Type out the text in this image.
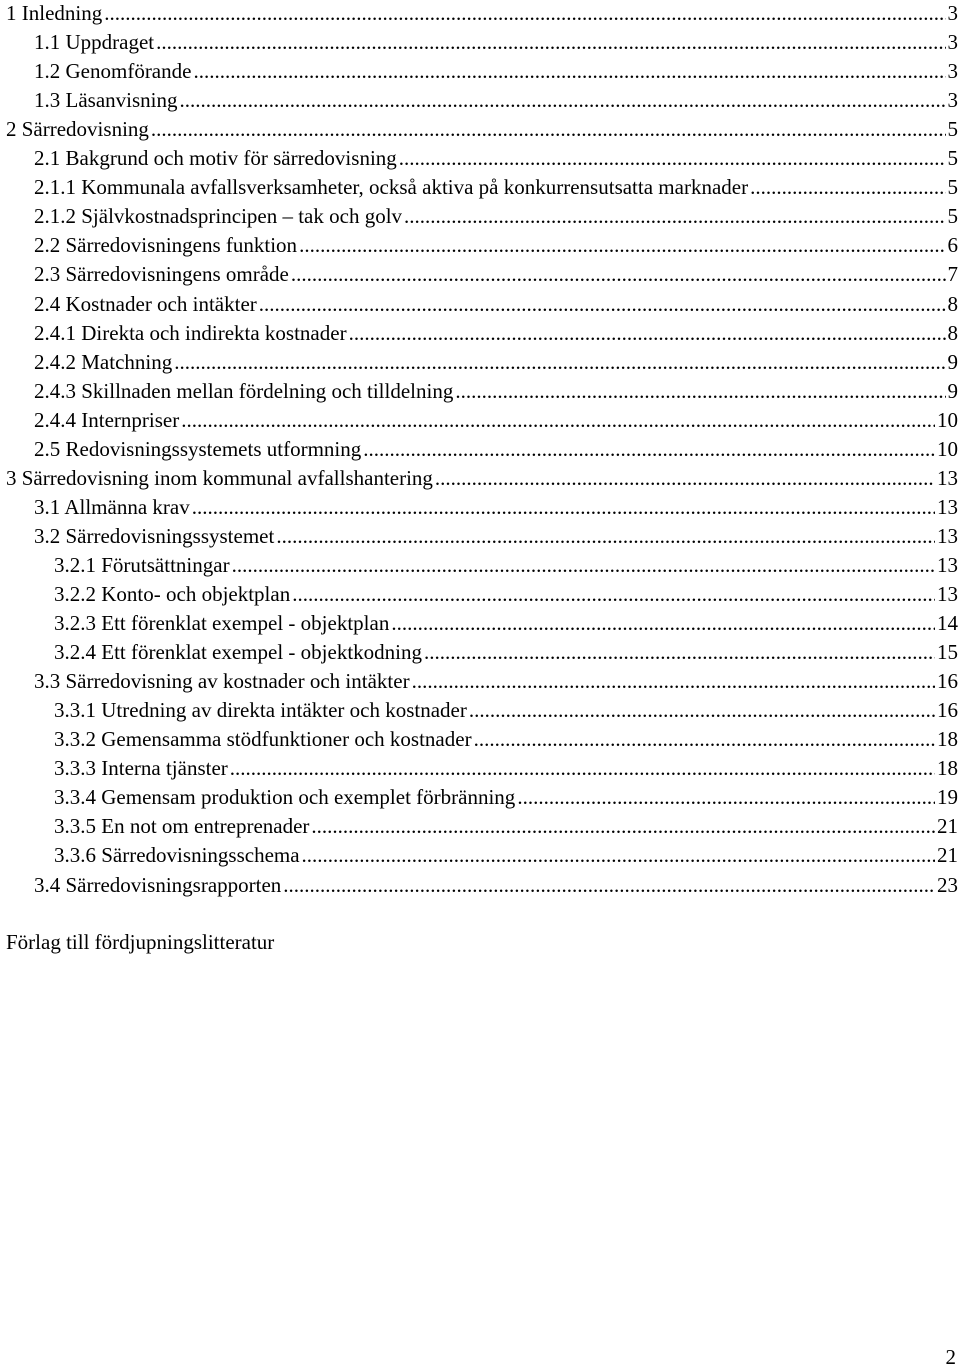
1 Inledning .....	3
1.1 Uppdraget .....	3
1.2 Genomförande .....	3
1.3 Läsanvisning .....	3
2 Särredovisning .....	5
2.1 Bakgrund och motiv för särredovisning .....	5
2.1.1 Kommunala avfallsverksamheter, också aktiva på konkurrensutsatta marknader .....	5
2.1.2 Självkostnadsprincipen – tak och golv .....	5
2.2 Särredovisningens funktion .....	6
2.3 Särredovisningens område .....	7
2.4 Kostnader och intäkter .....	8
2.4.1 Direkta och indirekta kostnader .....	8
2.4.2 Matchning .....	9
2.4.3 Skillnaden mellan fördelning och tilldelning .....	9
2.4.4 Internpriser .....	10
2.5 Redovisningssystemets utformning .....	10
3 Särredovisning inom kommunal avfallshantering .....	13
3.1 Allmänna krav .....	13
3.2 Särredovisningssystemet .....	13
3.2.1 Förutsättningar .....	13
3.2.2 Konto- och objektplan .....	13
3.2.3 Ett förenklat exempel - objektplan .....	14
3.2.4 Ett förenklat exempel - objektkodning .....	15
3.3 Särredovisning av kostnader och intäkter .....	16
3.3.1 Utredning av direkta intäkter och kostnader .....	16
3.3.2 Gemensamma stödfunktioner och kostnader .....	18
3.3.3 Interna tjänster .....	18
3.3.4 Gemensam produktion och exemplet förbränning .....	19
3.3.5 En not om entreprenader .....	21
3.3.6 Särredovisningsschema .....	21
3.4 Särredovisningsrapporten .....	23
Förlag till fördjupningslitteratur
2
